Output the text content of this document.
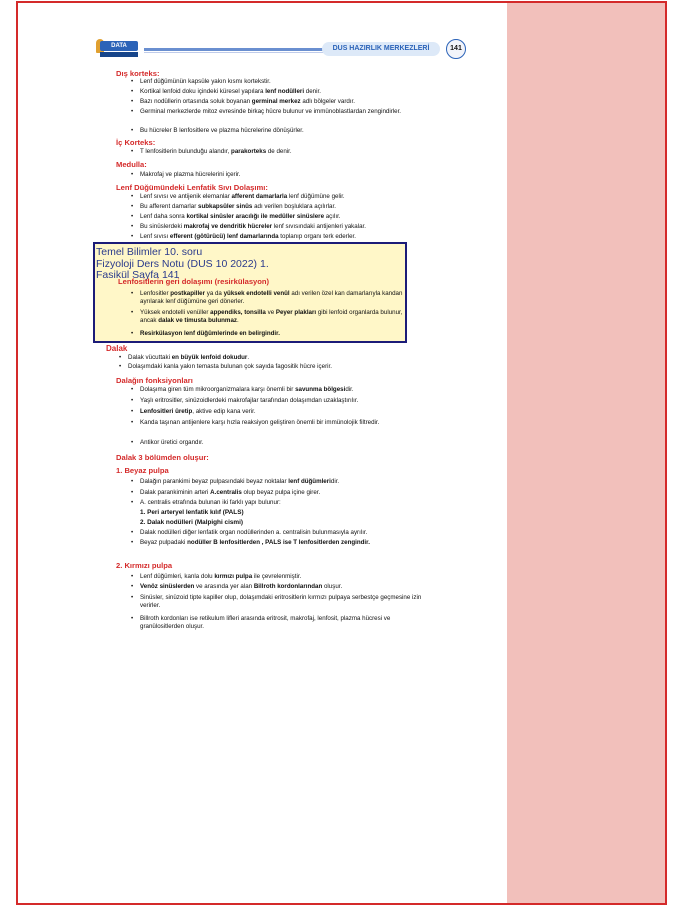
DATA	DUS HAZIRLIK MERKEZLERİ	141
Dış korteks:
• Lenf düğümünün kapsüle yakın kısmı kortekstir.
• Kortikal lenfoid doku içindeki küresel yapılara lenf nodülleri denir.
• Bazı nodüllerin ortasında soluk boyanan germinal merkez adlı bölgeler vardır.
• Germinal merkezlerde mitoz evresinde birkaç hücre bulunur ve immünoblastlardan zengindirler.
• Bu hücreler B lenfositlere ve plazma hücrelerine dönüşürler.
İç Korteks:
• T lenfositlerin bulunduğu alandır, parakorteks de denir.
Medulla:
• Makrofaj ve plazma hücrelerini içerir.
Lenf Düğümündeki Lenfatik Sıvı Dolaşımı:
• Lenf sıvısı ve antijenik elemanlar afferent damarlarla lenf düğümüne gelir.
• Bu afferent damarlar subkapsüler sinüs adı verilen boşluklara açılırlar.
• Lenf daha sonra kortikal sinüsler aracılığı ile medüller sinüslere açılır.
• Bu sinüslerdeki makrofaj ve dendritik hücreler lenf sıvısındaki antijenleri yakalar.
• Lenf sıvısı efferent (götürücü) lenf damarlarında toplanıp organı terk ederler.
Temel Bilimler 10. soru
Fizyoloji Ders Notu (DUS 10 2022) 1.
Fasikül Sayfa 141
Lenfositlerin geri dolaşımı (resirkülasyon)
• Lenfositler postkapiller ya da yüksek endotelli venül adı verilen özel kan damarlarıyla kandan ayrılarak lenf düğümüne geri dönerler.
• Yüksek endotelli venüller appendiks, tonsilla ve Peyer plakları gibi lenfoid organlarda bulunur, ancak dalak ve timusta bulunmaz.
• Resirkülasyon lenf düğümlerinde en belirgindir.
Dalak
• Dalak vücuttaki en büyük lenfoid dokudur.
• Dolaşımdaki kanla yakın temasta bulunan çok sayıda fagositik hücre içerir.
Dalağın fonksiyonları
• Dolaşıma giren tüm mikroorganizmalara karşı önemli bir savunma bölgesidir.
• Yaşlı eritrositler, sinüzoidlerdeki makrofajlar tarafından dolaşımdan uzaklaştırılır.
• Lenfositleri üretip, aktive edip kana verir.
• Kanda taşınan antijenlere karşı hızla reaksiyon geliştiren önemli bir immünolojik filtredir.
• Antikor üretici organdır.
Dalak 3 bölümden oluşur:
1. Beyaz pulpa
• Dalağın parankimi beyaz pulpasındaki beyaz noktalar lenf düğümleridir.
• Dalak parankiminin arteri A.centralis olup beyaz pulpa içine girer.
• A. centralis etrafında bulunan iki farklı yapı bulunur:
1. Peri arteryel lenfatik kılıf (PALS)
2. Dalak nodülleri (Malpighi cismi)
• Dalak nodülleri diğer lenfatik organ nodüllerinden a. centralisin bulunmasıyla ayrılır.
• Beyaz pulpadaki nodüller B lenfositlerden , PALS ise T lenfositlerden zengindir.
2. Kırmızı pulpa
• Lenf düğümleri, kanla dolu kırmızı pulpa ile çevrelenmiştir.
• Venöz sinüslerden ve arasında yer alan Billroth kordonlarından oluşur.
• Sinüsler, sinüzoid tipte kapiller olup, dolaşımdaki eritrositlerin kırmızı pulpaya serbestçe geçmesine izin verirler.
• Billroth kordonları ise retikulum lifleri arasında eritrosit, makrofaj, lenfosit, plazma hücresi ve granülositlerden oluşur.
